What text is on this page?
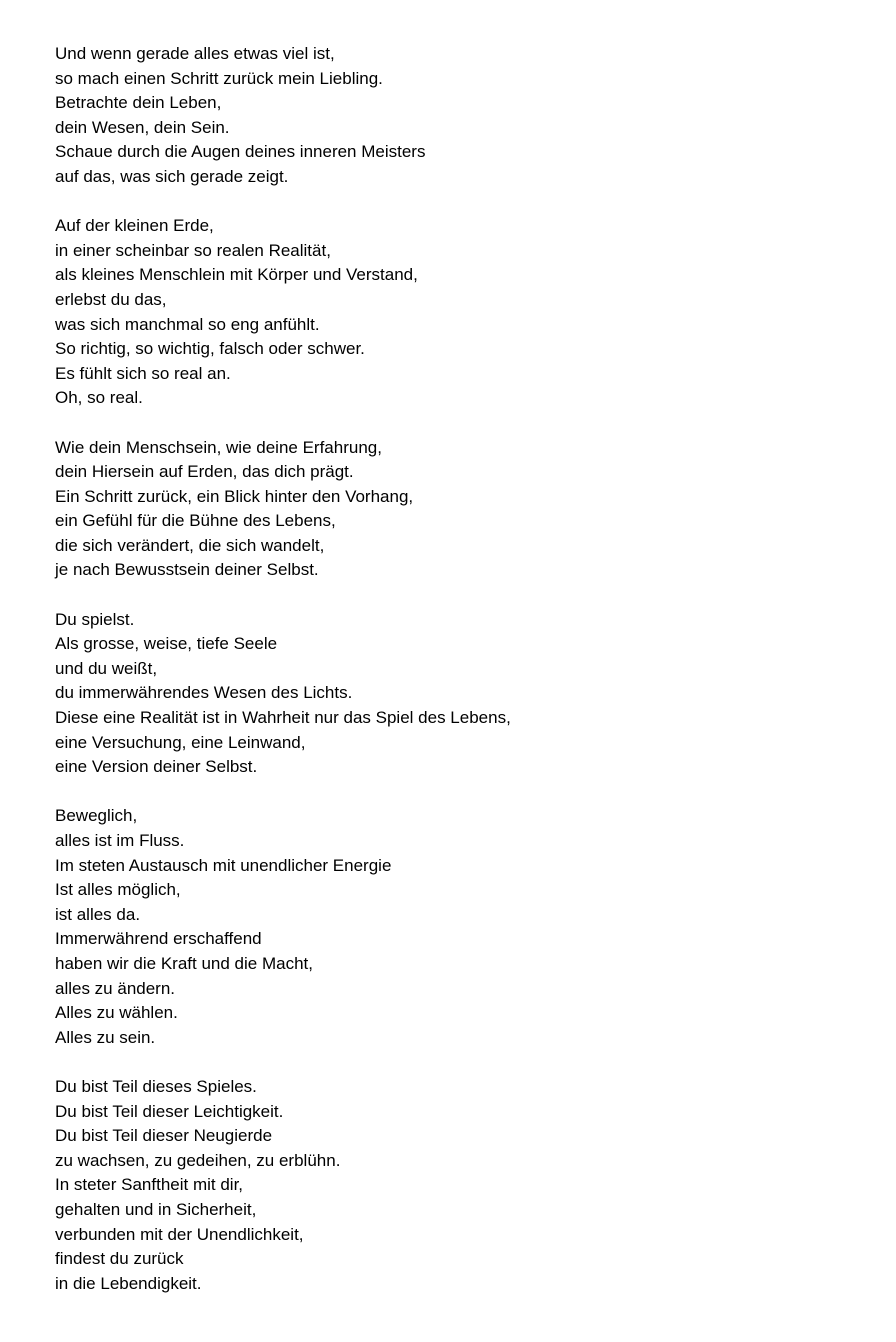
Und wenn gerade alles etwas viel ist,
so mach einen Schritt zurück mein Liebling.
Betrachte dein Leben,
dein Wesen, dein Sein.
Schaue durch die Augen deines inneren Meisters
auf das, was sich gerade zeigt.
Auf der kleinen Erde,
in einer scheinbar so realen Realität,
als kleines Menschlein mit Körper und Verstand,
erlebst du das,
was sich manchmal so eng anfühlt.
So richtig, so wichtig, falsch oder schwer.
Es fühlt sich so real an.
Oh, so real.
Wie dein Menschsein, wie deine Erfahrung,
dein Hiersein auf Erden, das dich prägt.
Ein Schritt zurück, ein Blick hinter den Vorhang,
ein Gefühl für die Bühne des Lebens,
die sich verändert, die sich wandelt,
je nach Bewusstsein deiner Selbst.
Du spielst.
Als grosse, weise, tiefe Seele
und du weißt,
du immerwährendes Wesen des Lichts.
Diese eine Realität ist in Wahrheit nur das Spiel des Lebens,
eine Versuchung, eine Leinwand,
eine Version deiner Selbst.
Beweglich,
alles ist im Fluss.
Im steten Austausch mit unendlicher Energie
Ist alles möglich,
ist alles da.
Immerwährend erschaffend
haben wir die Kraft und die Macht,
alles zu ändern.
Alles zu wählen.
Alles zu sein.
Du bist Teil dieses Spieles.
Du bist Teil dieser Leichtigkeit.
Du bist Teil dieser Neugierde
zu wachsen, zu gedeihen, zu erblühn.
In steter Sanftheit mit dir,
gehalten und in Sicherheit,
verbunden mit der Unendlichkeit,
findest du zurück
in die Lebendigkeit.
